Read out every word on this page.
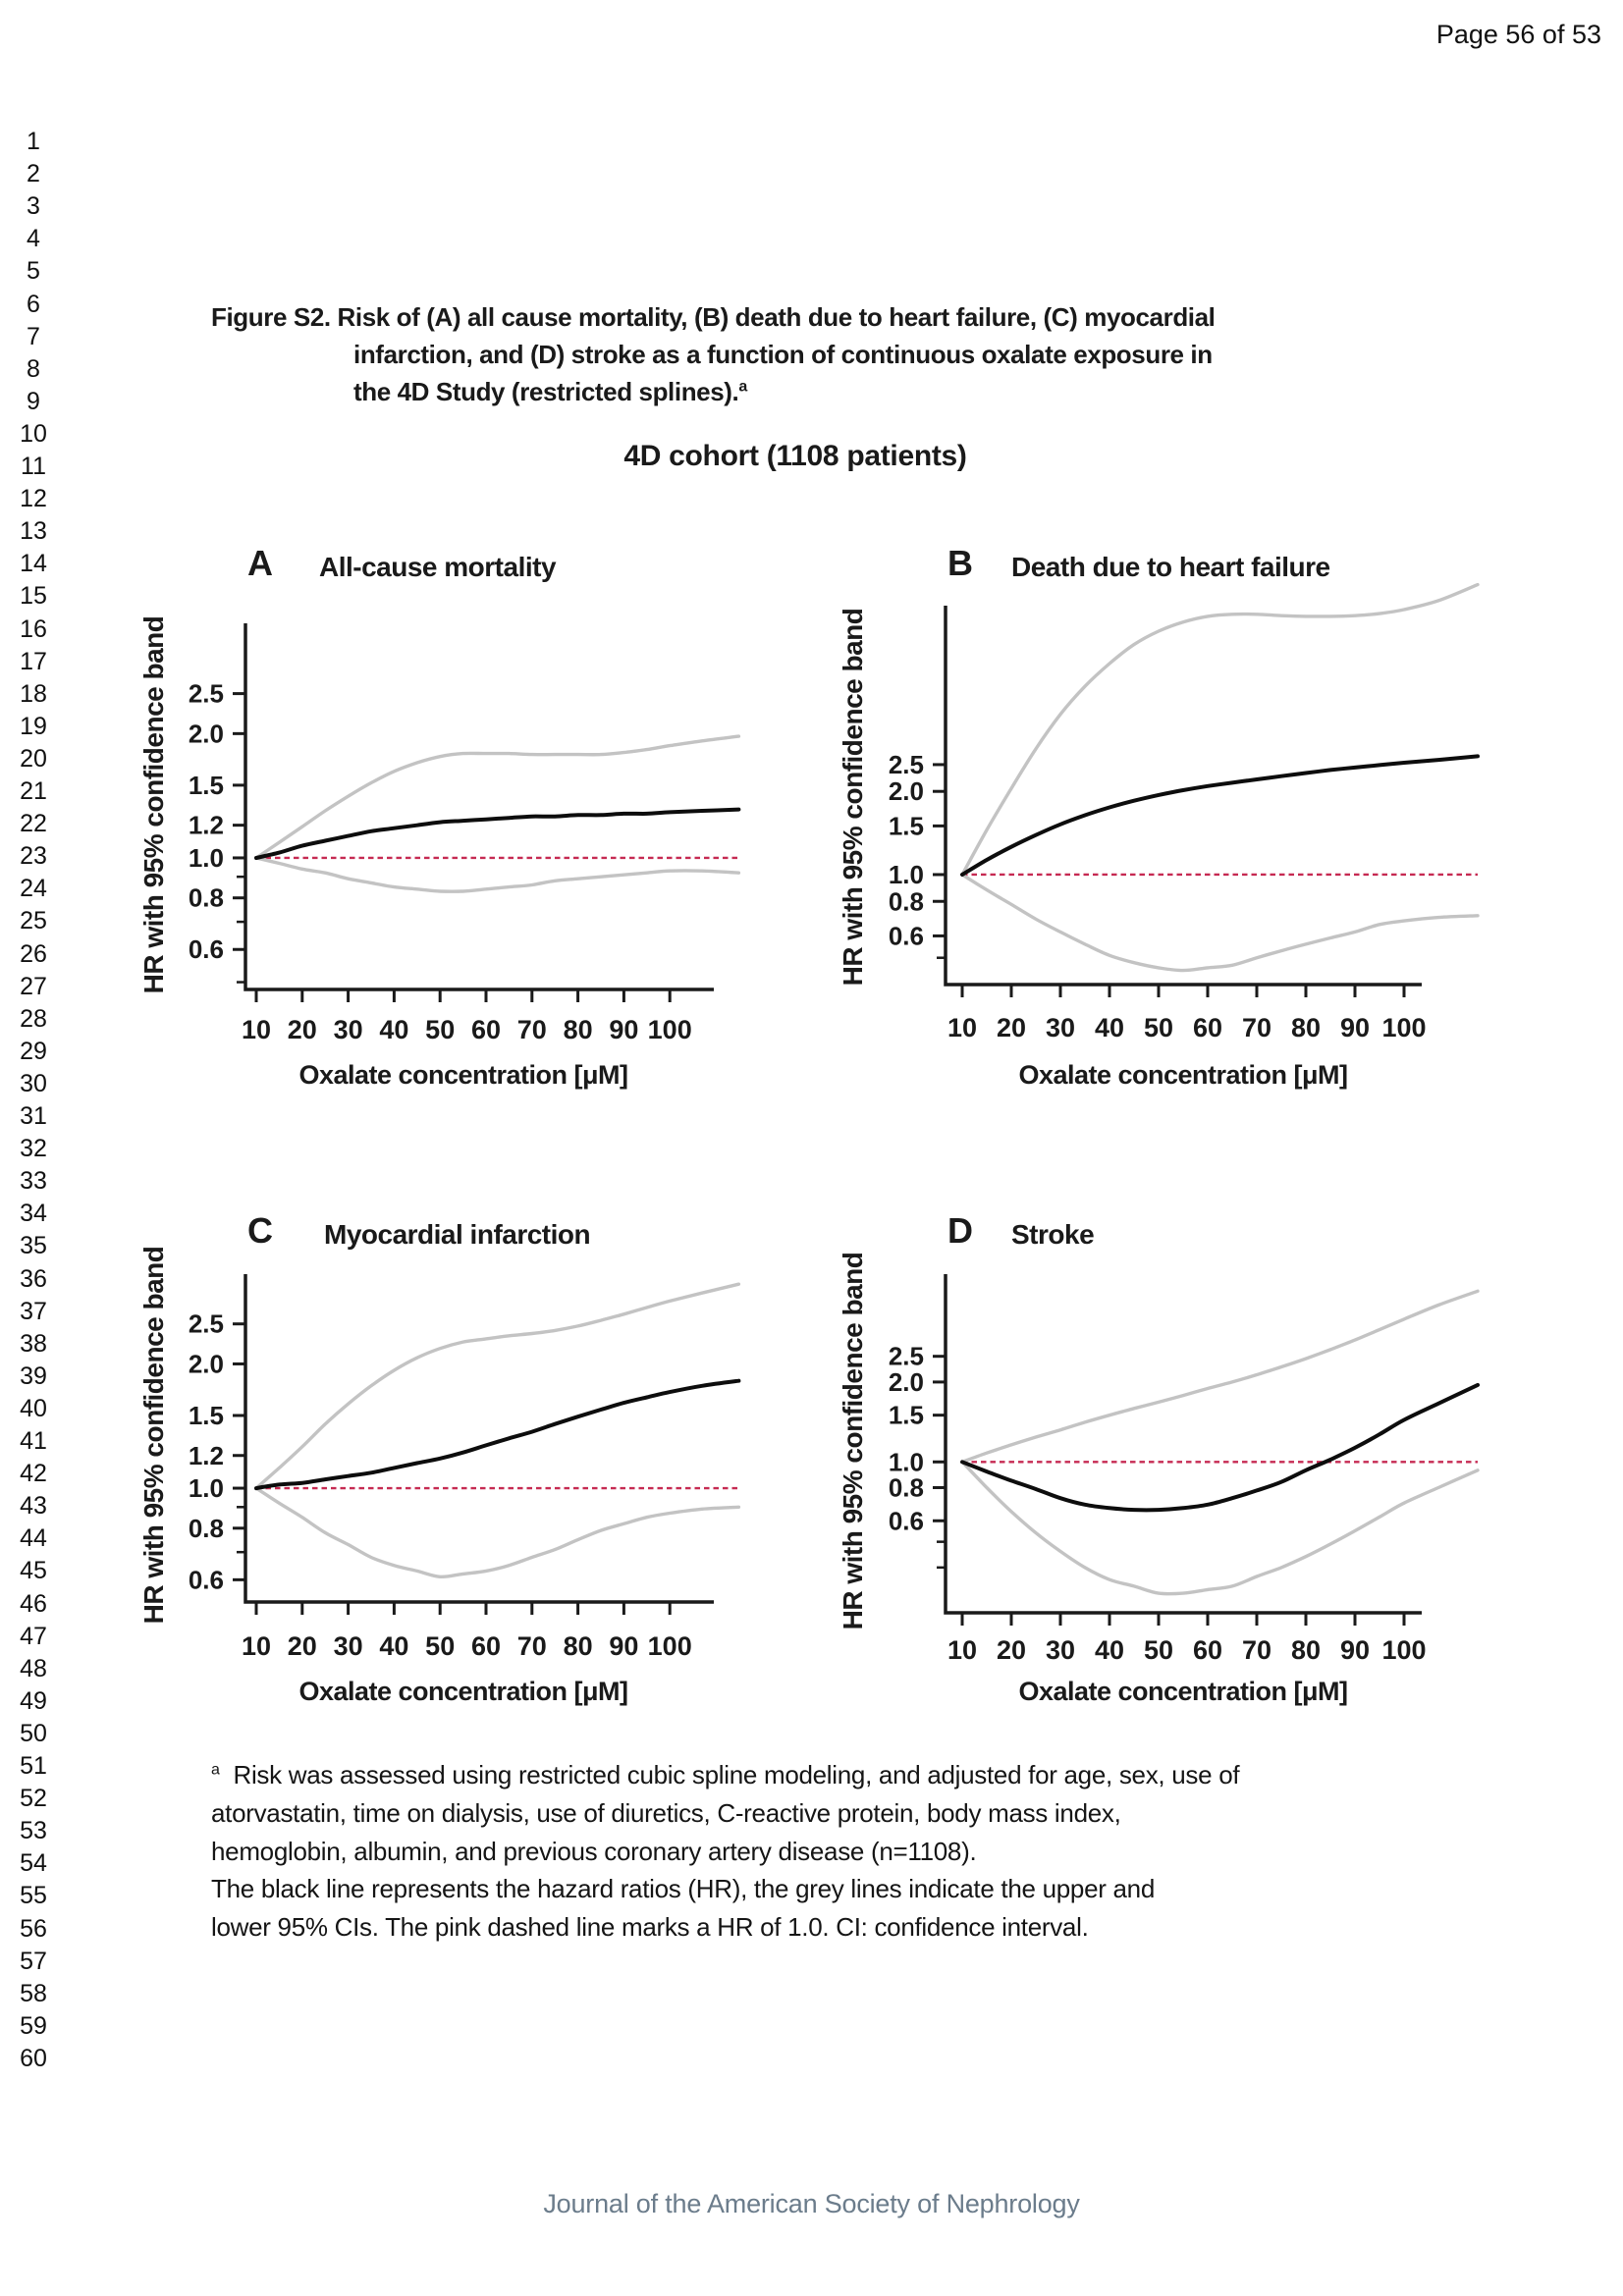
Page 56 of 53
1
2
3
4
5
6
7
8
9
10
11
12
13
14
15
16
17
18
19
20
21
22
23
24
25
26
27
28
29
30
31
32
33
34
35
36
37
38
39
40
41
42
43
44
45
46
47
48
49
50
51
52
53
54
55
56
57
58
59
60
Figure S2. Risk of (A) all cause mortality, (B) death due to heart failure, (C) myocardial
infarction, and (D) stroke as a function of continuous oxalate exposure in
the 4D Study (restricted splines).$^a$
4D cohort (1108 patients)
A All-cause mortality	B Death due to heart failure
C Myocardial infarction	D Stroke
2.5
2.0
1.5
1.2
1.0
0.8
0.6
10 20 30 40 50 60 70 80 90 100
Oxalate concentration [μM]
HR with 95% confidence band	2.5
2.0
1.5
1.0
0.8
0.6
10 20 30 40 50 60 70 80 90 100
Oxalate concentration [μM]
HR with 95% confidence band
2.5
2.0
1.5
1.2
1.0
0.8
0.6
10 20 30 40 50 60 70 80 90 100
Oxalate concentration [μM]
HR with 95% confidence band	2.5
2.0
1.5
1.0
0.8
0.6
10 20 30 40 50 60 70 80 90 100
Oxalate concentration [μM]
HR with 95% confidence band
$^a$ Risk was assessed using restricted cubic spline modeling, and adjusted for age, sex, use of
atorvastatin, time on dialysis, use of diuretics, C-reactive protein, body mass index,
hemoglobin, albumin, and previous coronary artery disease (n=1108).
The black line represents the hazard ratios (HR), the grey lines indicate the upper and
lower 95% CIs. The pink dashed line marks a HR of 1.0. CI: confidence interval.
Journal of the American Society of Nephrology
